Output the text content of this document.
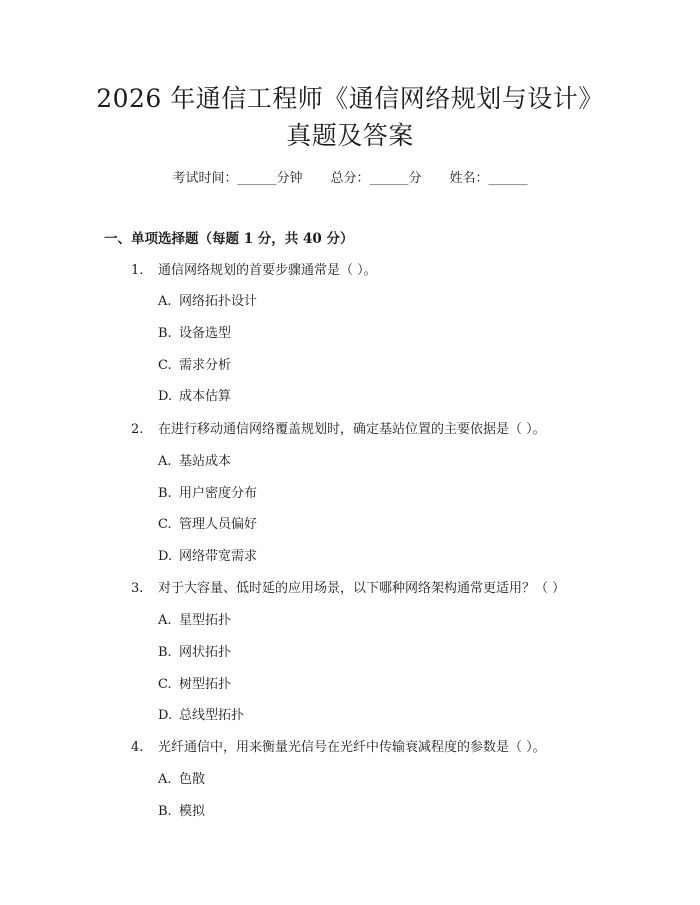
2026 年通信工程师《通信网络规划与设计》
真题及答案
考试时间：______分钟 总分：______分 姓名：______
一、单项选择题（每题 1 分，共 40 分）
1. 通信网络规划的首要步骤通常是（ ）。
A. 网络拓扑设计
B. 设备选型
C. 需求分析
D. 成本估算
2. 在进行移动通信网络覆盖规划时，确定基站位置的主要依据是（ ）。
A. 基站成本
B. 用户密度分布
C. 管理人员偏好
D. 网络带宽需求
3. 对于大容量、低时延的应用场景，以下哪种网络架构通常更适用？（ ）
A. 星型拓扑
B. 网状拓扑
C. 树型拓扑
D. 总线型拓扑
4. 光纤通信中，用来衡量光信号在光纤中传输衰减程度的参数是（ ）。
A. 色散
B. 模拟
